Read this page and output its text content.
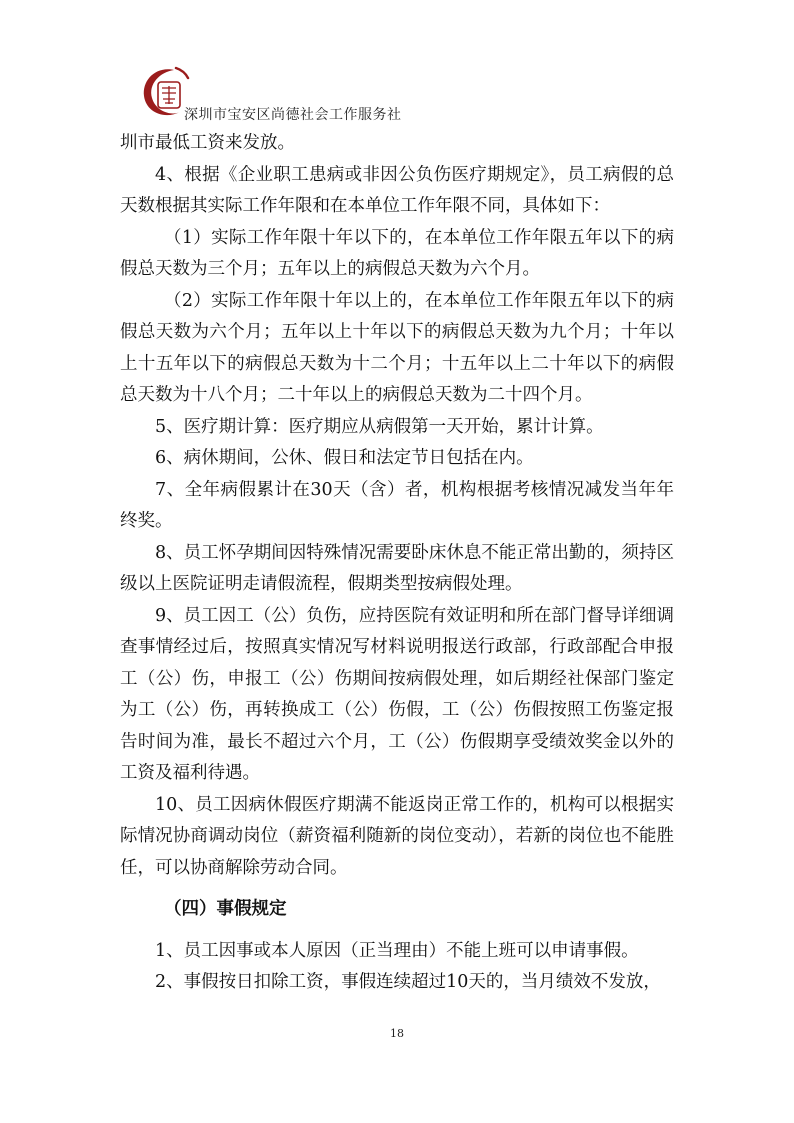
深圳市宝安区尚德社会工作服务社

圳市最低工资来发放。

4、根据《企业职工患病或非因公负伤医疗期规定》，员工病假的总天数根据其实际工作年限和在本单位工作年限不同，具体如下：

（1）实际工作年限十年以下的，在本单位工作年限五年以下的病假总天数为三个月；五年以上的病假总天数为六个月。

（2）实际工作年限十年以上的，在本单位工作年限五年以下的病假总天数为六个月；五年以上十年以下的病假总天数为九个月；十年以上十五年以下的病假总天数为十二个月；十五年以上二十年以下的病假总天数为十八个月；二十年以上的病假总天数为二十四个月。

5、医疗期计算：医疗期应从病假第一天开始，累计计算。

6、病休期间，公休、假日和法定节日包括在内。

7、全年病假累计在30天（含）者，机构根据考核情况减发当年年终奖。

8、员工怀孕期间因特殊情况需要卧床休息不能正常出勤的，须持区级以上医院证明走请假流程，假期类型按病假处理。

9、员工因工（公）负伤，应持医院有效证明和所在部门督导详细调查事情经过后，按照真实情况写材料说明报送行政部，行政部配合申报工（公）伤，申报工（公）伤期间按病假处理，如后期经社保部门鉴定为工（公）伤，再转换成工（公）伤假，工（公）伤假按照工伤鉴定报告时间为准，最长不超过六个月，工（公）伤假期享受绩效奖金以外的工资及福利待遇。

10、员工因病休假医疗期满不能返岗正常工作的，机构可以根据实际情况协商调动岗位（薪资福利随新的岗位变动），若新的岗位也不能胜任，可以协商解除劳动合同。

（四）事假规定

1、员工因事或本人原因（正当理由）不能上班可以申请事假。

2、事假按日扣除工资，事假连续超过10天的，当月绩效不发放，

18
